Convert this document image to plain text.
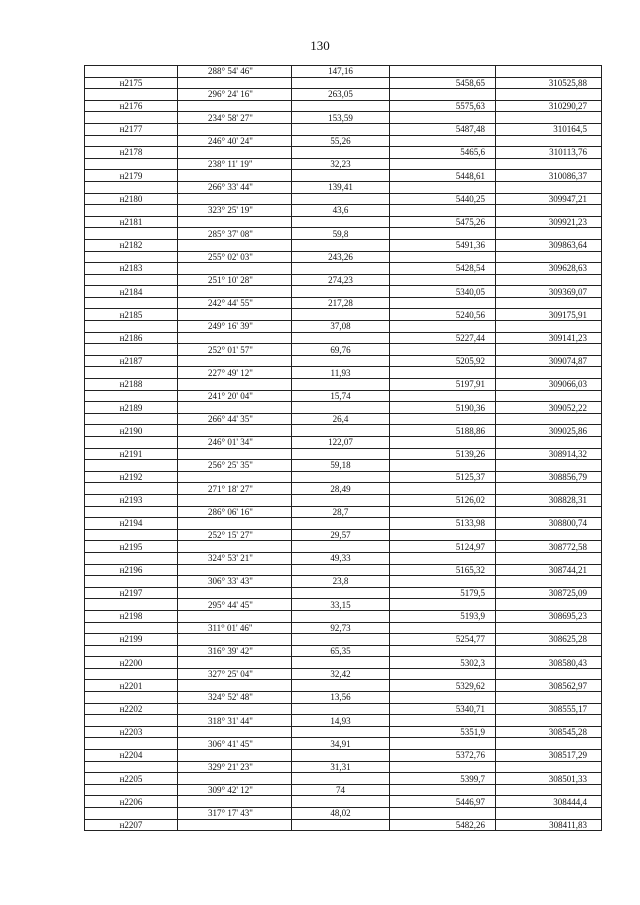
130
	288° 54' 46"	147,16		
н2175			5458,65	310525,88
	296° 24' 16"	263,05		
н2176			5575,63	310290,27
	234° 58' 27"	153,59		
н2177			5487,48	310164,5
	246° 40' 24"	55,26		
н2178			5465,6	310113,76
	238° 11' 19"	32,23		
н2179			5448,61	310086,37
	266° 33' 44"	139,41		
н2180			5440,25	309947,21
	323° 25' 19"	43,6		
н2181			5475,26	309921,23
	285° 37' 08"	59,8		
н2182			5491,36	309863,64
	255° 02' 03"	243,26		
н2183			5428,54	309628,63
	251° 10' 28"	274,23		
н2184			5340,05	309369,07
	242° 44' 55"	217,28		
н2185			5240,56	309175,91
	249° 16' 39"	37,08		
н2186			5227,44	309141,23
	252° 01' 57"	69,76		
н2187			5205,92	309074,87
	227° 49' 12"	11,93		
н2188			5197,91	309066,03
	241° 20' 04"	15,74		
н2189			5190,36	309052,22
	266° 44' 35"	26,4		
н2190			5188,86	309025,86
	246° 01' 34"	122,07		
н2191			5139,26	308914,32
	256° 25' 35"	59,18		
н2192			5125,37	308856,79
	271° 18' 27"	28,49		
н2193			5126,02	308828,31
	286° 06' 16"	28,7		
н2194			5133,98	308800,74
	252° 15' 27"	29,57		
н2195			5124,97	308772,58
	324° 53' 21"	49,33		
н2196			5165,32	308744,21
	306° 33' 43"	23,8		
н2197			5179,5	308725,09
	295° 44' 45"	33,15		
н2198			5193,9	308695,23
	311° 01' 46"	92,73		
н2199			5254,77	308625,28
	316° 39' 42"	65,35		
н2200			5302,3	308580,43
	327° 25' 04"	32,42		
н2201			5329,62	308562,97
	324° 52' 48"	13,56		
н2202			5340,71	308555,17
	318° 31' 44"	14,93		
н2203			5351,9	308545,28
	306° 41' 45"	34,91		
н2204			5372,76	308517,29
	329° 21' 23"	31,31		
н2205			5399,7	308501,33
	309° 42' 12"	74		
н2206			5446,97	308444,4
	317° 17' 43"	48,02		
н2207			5482,26	308411,83
